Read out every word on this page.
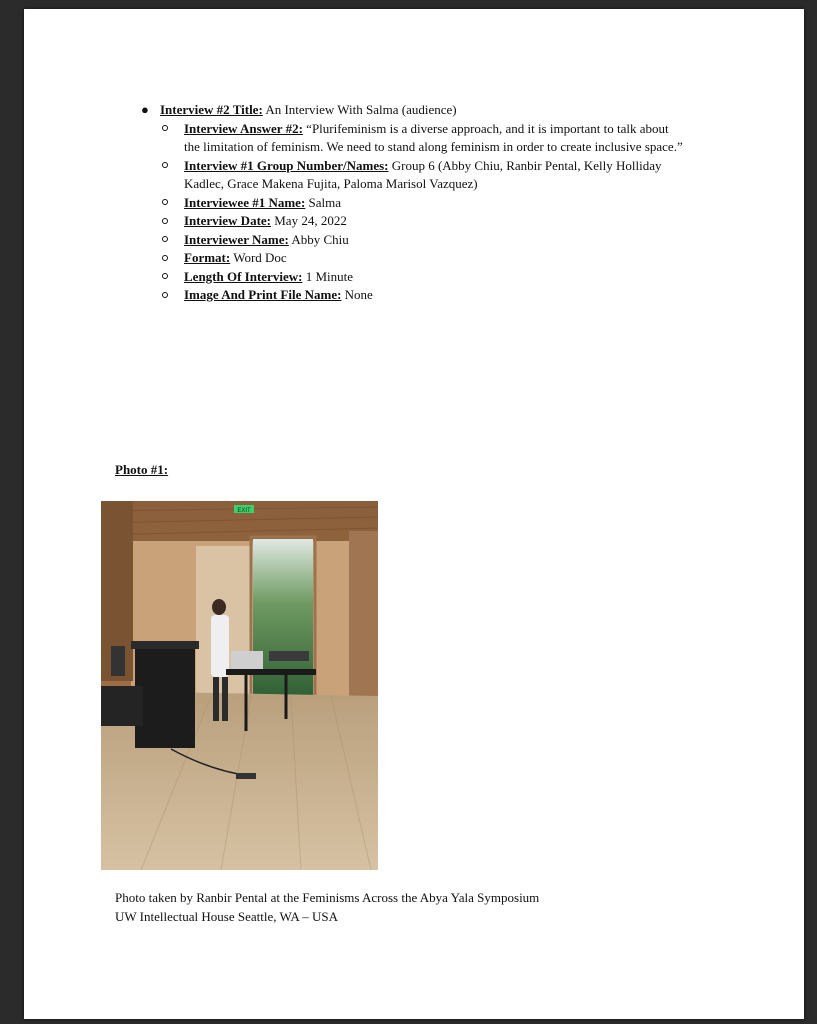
● Interview #2 Title: An Interview With Salma (audience)
Interview Answer #2: “Plurifeminism is a diverse approach, and it is important to talk about the limitation of feminism. We need to stand along feminism in order to create inclusive space.”
Interview #1 Group Number/Names: Group 6 (Abby Chiu, Ranbir Pental, Kelly Holliday Kadlec, Grace Makena Fujita, Paloma Marisol Vazquez)
Interviewee #1 Name: Salma
Interview Date: May 24, 2022
Interviewer Name: Abby Chiu
Format: Word Doc
Length Of Interview: 1 Minute
Image And Print File Name: None
Photo #1:
EXIT
Photo taken by Ranbir Pental at the Feminisms Across the Abya Yala Symposium
UW Intellectual House Seattle, WA – USA
